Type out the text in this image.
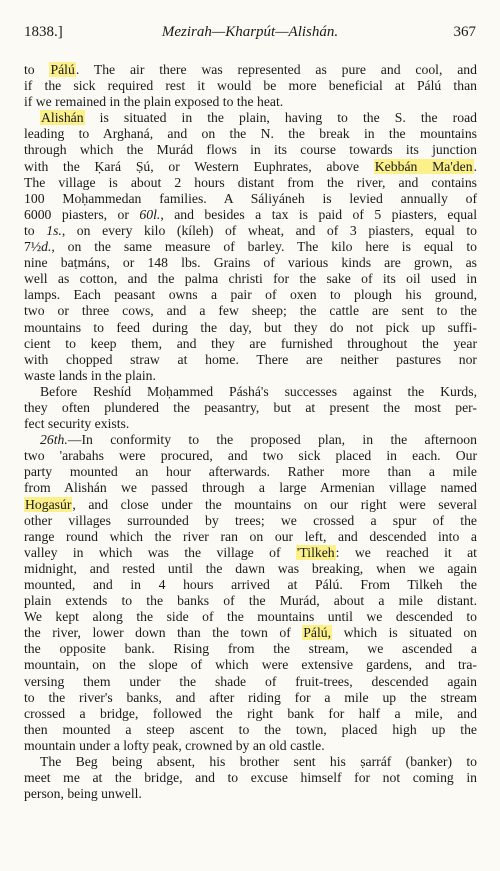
1838.]	Mezirah—Kharpút—Alishán.	367

to Pálú. The air there was represented as pure and cool, and
if the sick required rest it would be more beneficial at Pálú than
if we remained in the plain exposed to the heat.

Alishán is situated in the plain, having to the S. the road
leading to Arghaná, and on the N. the break in the mountains
through which the Murád flows in its course towards its junction
with the Ḳará Ṣú, or Western Euphrates, above Kebbán Ma'den.
The village is about 2 hours distant from the river, and contains
100 Moḥammedan families. A Sáliyáneh is levied annually of
6000 piasters, or 60l., and besides a tax is paid of 5 piasters, equal
to 1s., on every kilo (kíleh) of wheat, and of 3 piasters, equal to
7½d., on the same measure of barley. The kilo here is equal to
nine baṭmáns, or 148 lbs. Grains of various kinds are grown, as
well as cotton, and the palma christi for the sake of its oil used in
lamps. Each peasant owns a pair of oxen to plough his ground,
two or three cows, and a few sheep; the cattle are sent to the
mountains to feed during the day, but they do not pick up suffi-
cient to keep them, and they are furnished throughout the year
with chopped straw at home. There are neither pastures nor
waste lands in the plain.

Before Reshíd Moḥammed Páshá's successes against the Kurds,
they often plundered the peasantry, but at present the most per-
fect security exists.

26th.—In conformity to the proposed plan, in the afternoon
two 'arabahs were procured, and two sick placed in each. Our
party mounted an hour afterwards. Rather more than a mile
from Alishán we passed through a large Armenian village named
Hogasúr, and close under the mountains on our right were several
other villages surrounded by trees; we crossed a spur of the
range round which the river ran on our left, and descended into a
valley in which was the village of 'Tilkeh: we reached it at
midnight, and rested until the dawn was breaking, when we again
mounted, and in 4 hours arrived at Pálú. From Tilkeh the
plain extends to the banks of the Murád, about a mile distant.
We kept along the side of the mountains until we descended to
the river, lower down than the town of Pálú, which is situated on
the opposite bank. Rising from the stream, we ascended a
mountain, on the slope of which were extensive gardens, and tra-
versing them under the shade of fruit-trees, descended again
to the river's banks, and after riding for a mile up the stream
crossed a bridge, followed the right bank for half a mile, and
then mounted a steep ascent to the town, placed high up the
mountain under a lofty peak, crowned by an old castle.

The Beg being absent, his brother sent his ṣarráf (banker) to
meet me at the bridge, and to excuse himself for not coming in
person, being unwell.
